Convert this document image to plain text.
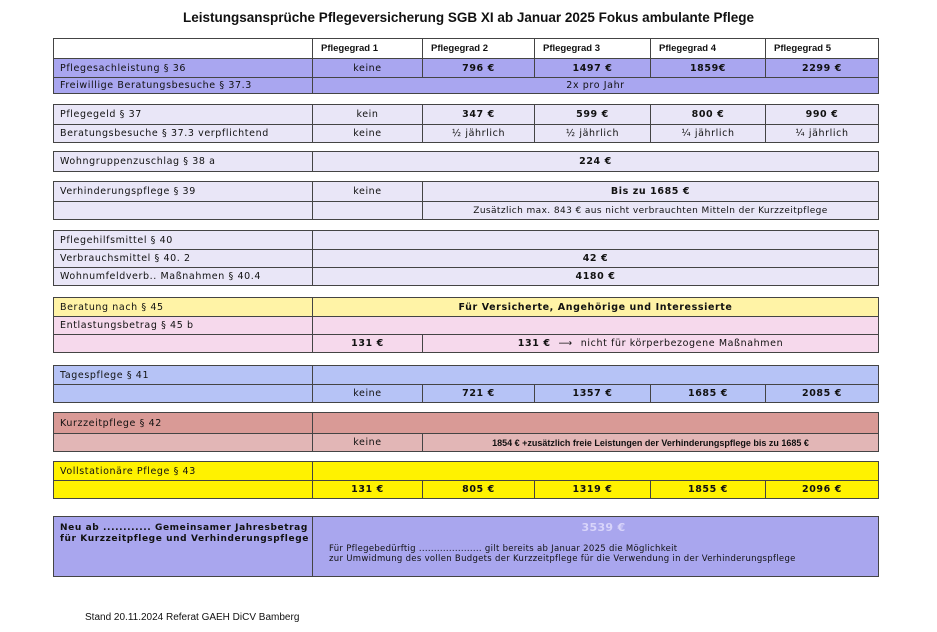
Leistungsansprüche Pflegeversicherung SGB XI ab Januar 2025 Fokus ambulante Pflege
Pflegegrad 1	Pflegegrad 2	Pflegegrad 3	Pflegegrad 4	Pflegegrad 5
Pflegesachleistung § 36	keine	796 €	1497 €	1859€	2299 €
Freiwillige Beratungsbesuche § 37.3	2x pro Jahr
Pflegegeld § 37	kein	347 €	599 €	800 €	990 €
Beratungsbesuche § 37.3 verpflichtend	keine	½ jährlich	½ jährlich	¼ jährlich	¼ jährlich
Wohngruppenzuschlag § 38 a	224 €
Verhinderungspflege § 39	keine	Bis zu 1685 €
Zusätzlich max. 843 € aus nicht verbrauchten Mitteln der Kurzzeitpflege
Pflegehilfsmittel § 40
Verbrauchsmittel § 40. 2	42 €
Wohnumfeldverb.. Maßnahmen § 40.4	4180 €
Beratung nach § 45	Für Versicherte, Angehörige und Interessierte
Entlastungsbetrag § 45 b
131 €	131 € ⟶ nicht für körperbezogene Maßnahmen
Tagespflege § 41
keine	721 €	1357 €	1685 €	2085 €
Kurzzeitpflege § 42
keine	1854 € +zusätzlich freie Leistungen der Verhinderungspflege bis zu 1685 €
Vollstationäre Pflege § 43
131 €	805 €	1319 €	1855 €	2096 €
Neu ab ............ Gemeinsamer Jahresbetrag für Kurzzeitpflege und Verhinderungspflege
3539 €
Für Pflegebedürftig ..................... gilt bereits ab Januar 2025 die Möglichkeit
zur Umwidmung des vollen Budgets der Kurzzeitpflege für die Verwendung in der Verhinderungspflege
Stand 20.11.2024 Referat GAEH DiCV Bamberg
